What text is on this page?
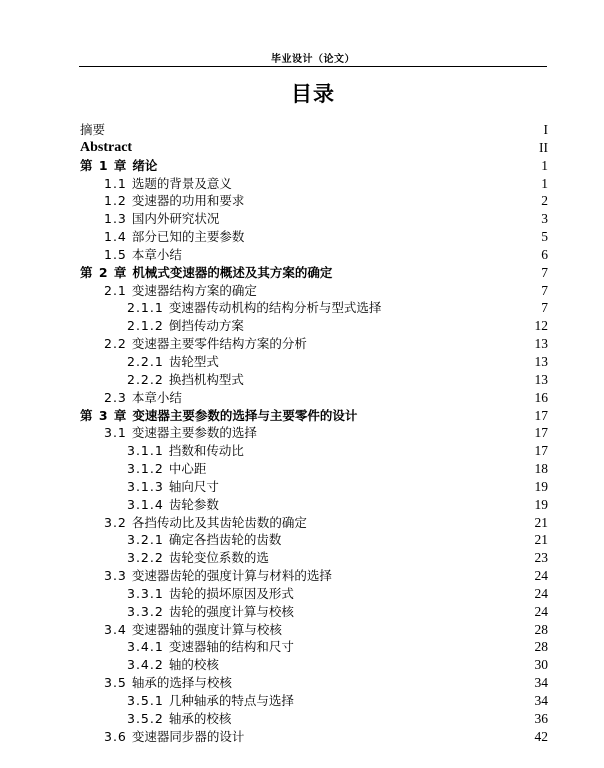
毕业设计（论文）
目录
摘要	I
Abstract	II
第 1 章 绪论	1
1.1 选题的背景及意义	1
1.2 变速器的功用和要求	2
1.3 国内外研究状况	3
1.4 部分已知的主要参数	5
1.5 本章小结	6
第 2 章 机械式变速器的概述及其方案的确定	7
2.1 变速器结构方案的确定	7
2.1.1 变速器传动机构的结构分析与型式选择	7
2.1.2 倒挡传动方案	12
2.2 变速器主要零件结构方案的分析	13
2.2.1 齿轮型式	13
2.2.2 换挡机构型式	13
2.3 本章小结	16
第 3 章 变速器主要参数的选择与主要零件的设计	17
3.1 变速器主要参数的选择	17
3.1.1 挡数和传动比	17
3.1.2 中心距	18
3.1.3 轴向尺寸	19
3.1.4 齿轮参数	19
3.2 各挡传动比及其齿轮齿数的确定	21
3.2.1 确定各挡齿轮的齿数	21
3.2.2 齿轮变位系数的选	23
3.3 变速器齿轮的强度计算与材料的选择	24
3.3.1 齿轮的损坏原因及形式	24
3.3.2 齿轮的强度计算与校核	24
3.4 变速器轴的强度计算与校核	28
3.4.1 变速器轴的结构和尺寸	28
3.4.2 轴的校核	30
3.5 轴承的选择与校核	34
3.5.1 几种轴承的特点与选择	34
3.5.2 轴承的校核	36
3.6 变速器同步器的设计	42
